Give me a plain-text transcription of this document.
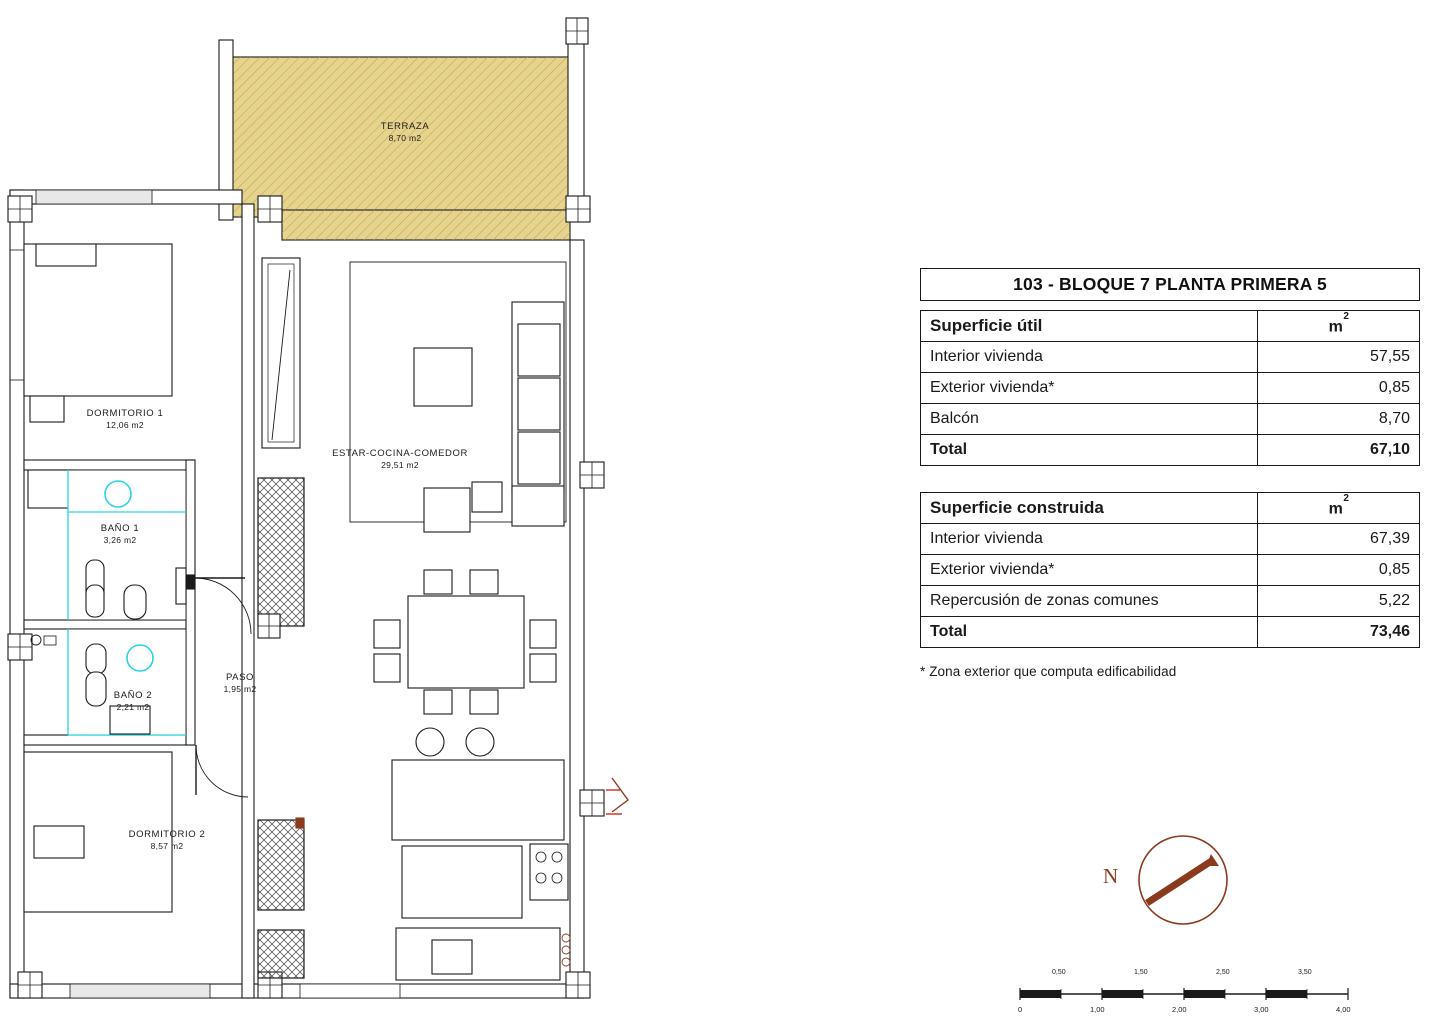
TERRAZA
8,70 m2
DORMITORIO 1
12,06 m2
ESTAR-COCINA-COMEDOR
29,51 m2
BAÑO 1
3,26 m2
BAÑO 2
2,21 m2
PASO
1,95 m2
DORMITORIO 2
8,57 m2
103 - BLOQUE 7 PLANTA PRIMERA 5
Superficie útil	$m^2$
Interior vivienda	57,55
Exterior vivienda*	0,85
Balcón	8,70
Total	67,10
Superficie construida	$m^2$
Interior vivienda	67,39
Exterior vivienda*	0,85
Repercusión de zonas comunes	5,22
Total	73,46
* Zona exterior que computa edificabilidad
N
0,50	1,50	2,50	3,50
0	1,00	2,00	3,00	4,00
